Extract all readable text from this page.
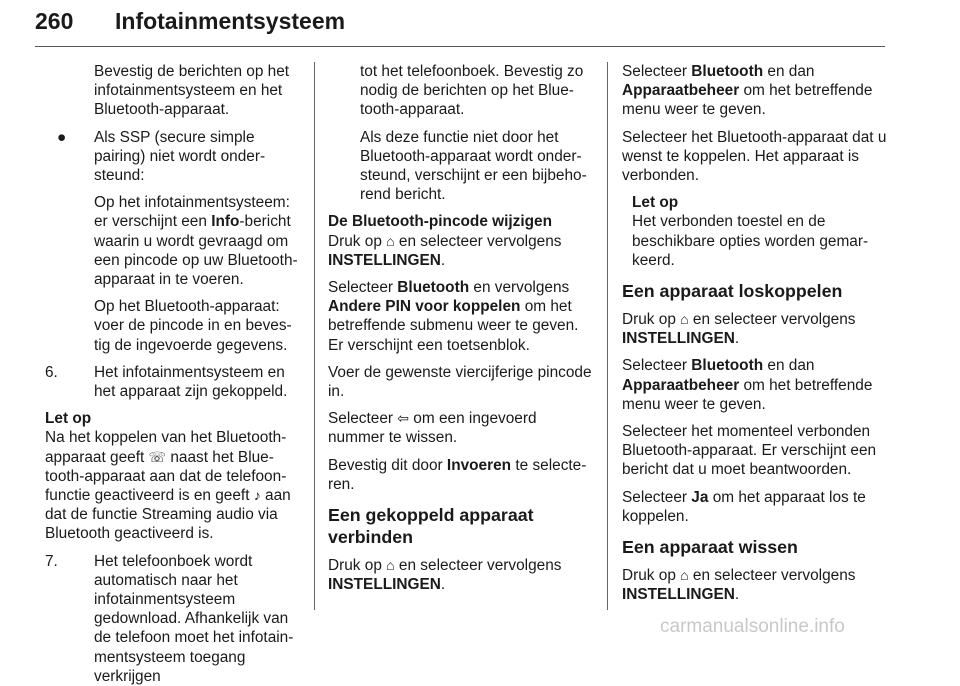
260 Infotainmentsysteem

Bevestig de berichten op het infotainmentsysteem en het Bluetooth-apparaat.

● Als SSP (secure simple pairing) niet wordt ondersteund:

Op het infotainmentsysteem: er verschijnt een Info-bericht waarin u wordt gevraagd om een pincode op uw Bluetooth-apparaat in te voeren.

Op het Bluetooth-apparaat: voer de pincode in en bevestig de ingevoerde gegevens.

6. Het infotainmentsysteem en het apparaat zijn gekoppeld.

Let op

Na het koppelen van het Bluetooth-apparaat geeft ☏ naast het Bluetooth-apparaat aan dat de telefoonfunctie geactiveerd is en geeft ♪ aan dat de functie Streaming audio via Bluetooth geactiveerd is.

7. Het telefoonboek wordt automatisch naar het infotainmentsysteem gedownload. Afhankelijk van de telefoon moet het infotainmentsysteem toegang verkrijgen

tot het telefoonboek. Bevestig zo nodig de berichten op het Bluetooth-apparaat.

Als deze functie niet door het Bluetooth-apparaat wordt ondersteund, verschijnt er een bijbehorend bericht.

De Bluetooth-pincode wijzigen

Druk op ⌂ en selecteer vervolgens INSTELLINGEN.

Selecteer Bluetooth en vervolgens Andere PIN voor koppelen om het betreffende submenu weer te geven. Er verschijnt een toetsenblok.

Voer de gewenste viercijferige pincode in.

Selecteer ⇦ om een ingevoerd nummer te wissen.

Bevestig dit door Invoeren te selecteren.

Een gekoppeld apparaat verbinden

Druk op ⌂ en selecteer vervolgens INSTELLINGEN.

Selecteer Bluetooth en dan Apparaatbeheer om het betreffende menu weer te geven.

Selecteer het Bluetooth-apparaat dat u wenst te koppelen. Het apparaat is verbonden.

Let op

Het verbonden toestel en de beschikbare opties worden gemarkeerd.

Een apparaat loskoppelen

Druk op ⌂ en selecteer vervolgens INSTELLINGEN.

Selecteer Bluetooth en dan Apparaatbeheer om het betreffende menu weer te geven.

Selecteer het momenteel verbonden Bluetooth-apparaat. Er verschijnt een bericht dat u moet beantwoorden.

Selecteer Ja om het apparaat los te koppelen.

Een apparaat wissen

Druk op ⌂ en selecteer vervolgens INSTELLINGEN.

carmanualsonline.info
